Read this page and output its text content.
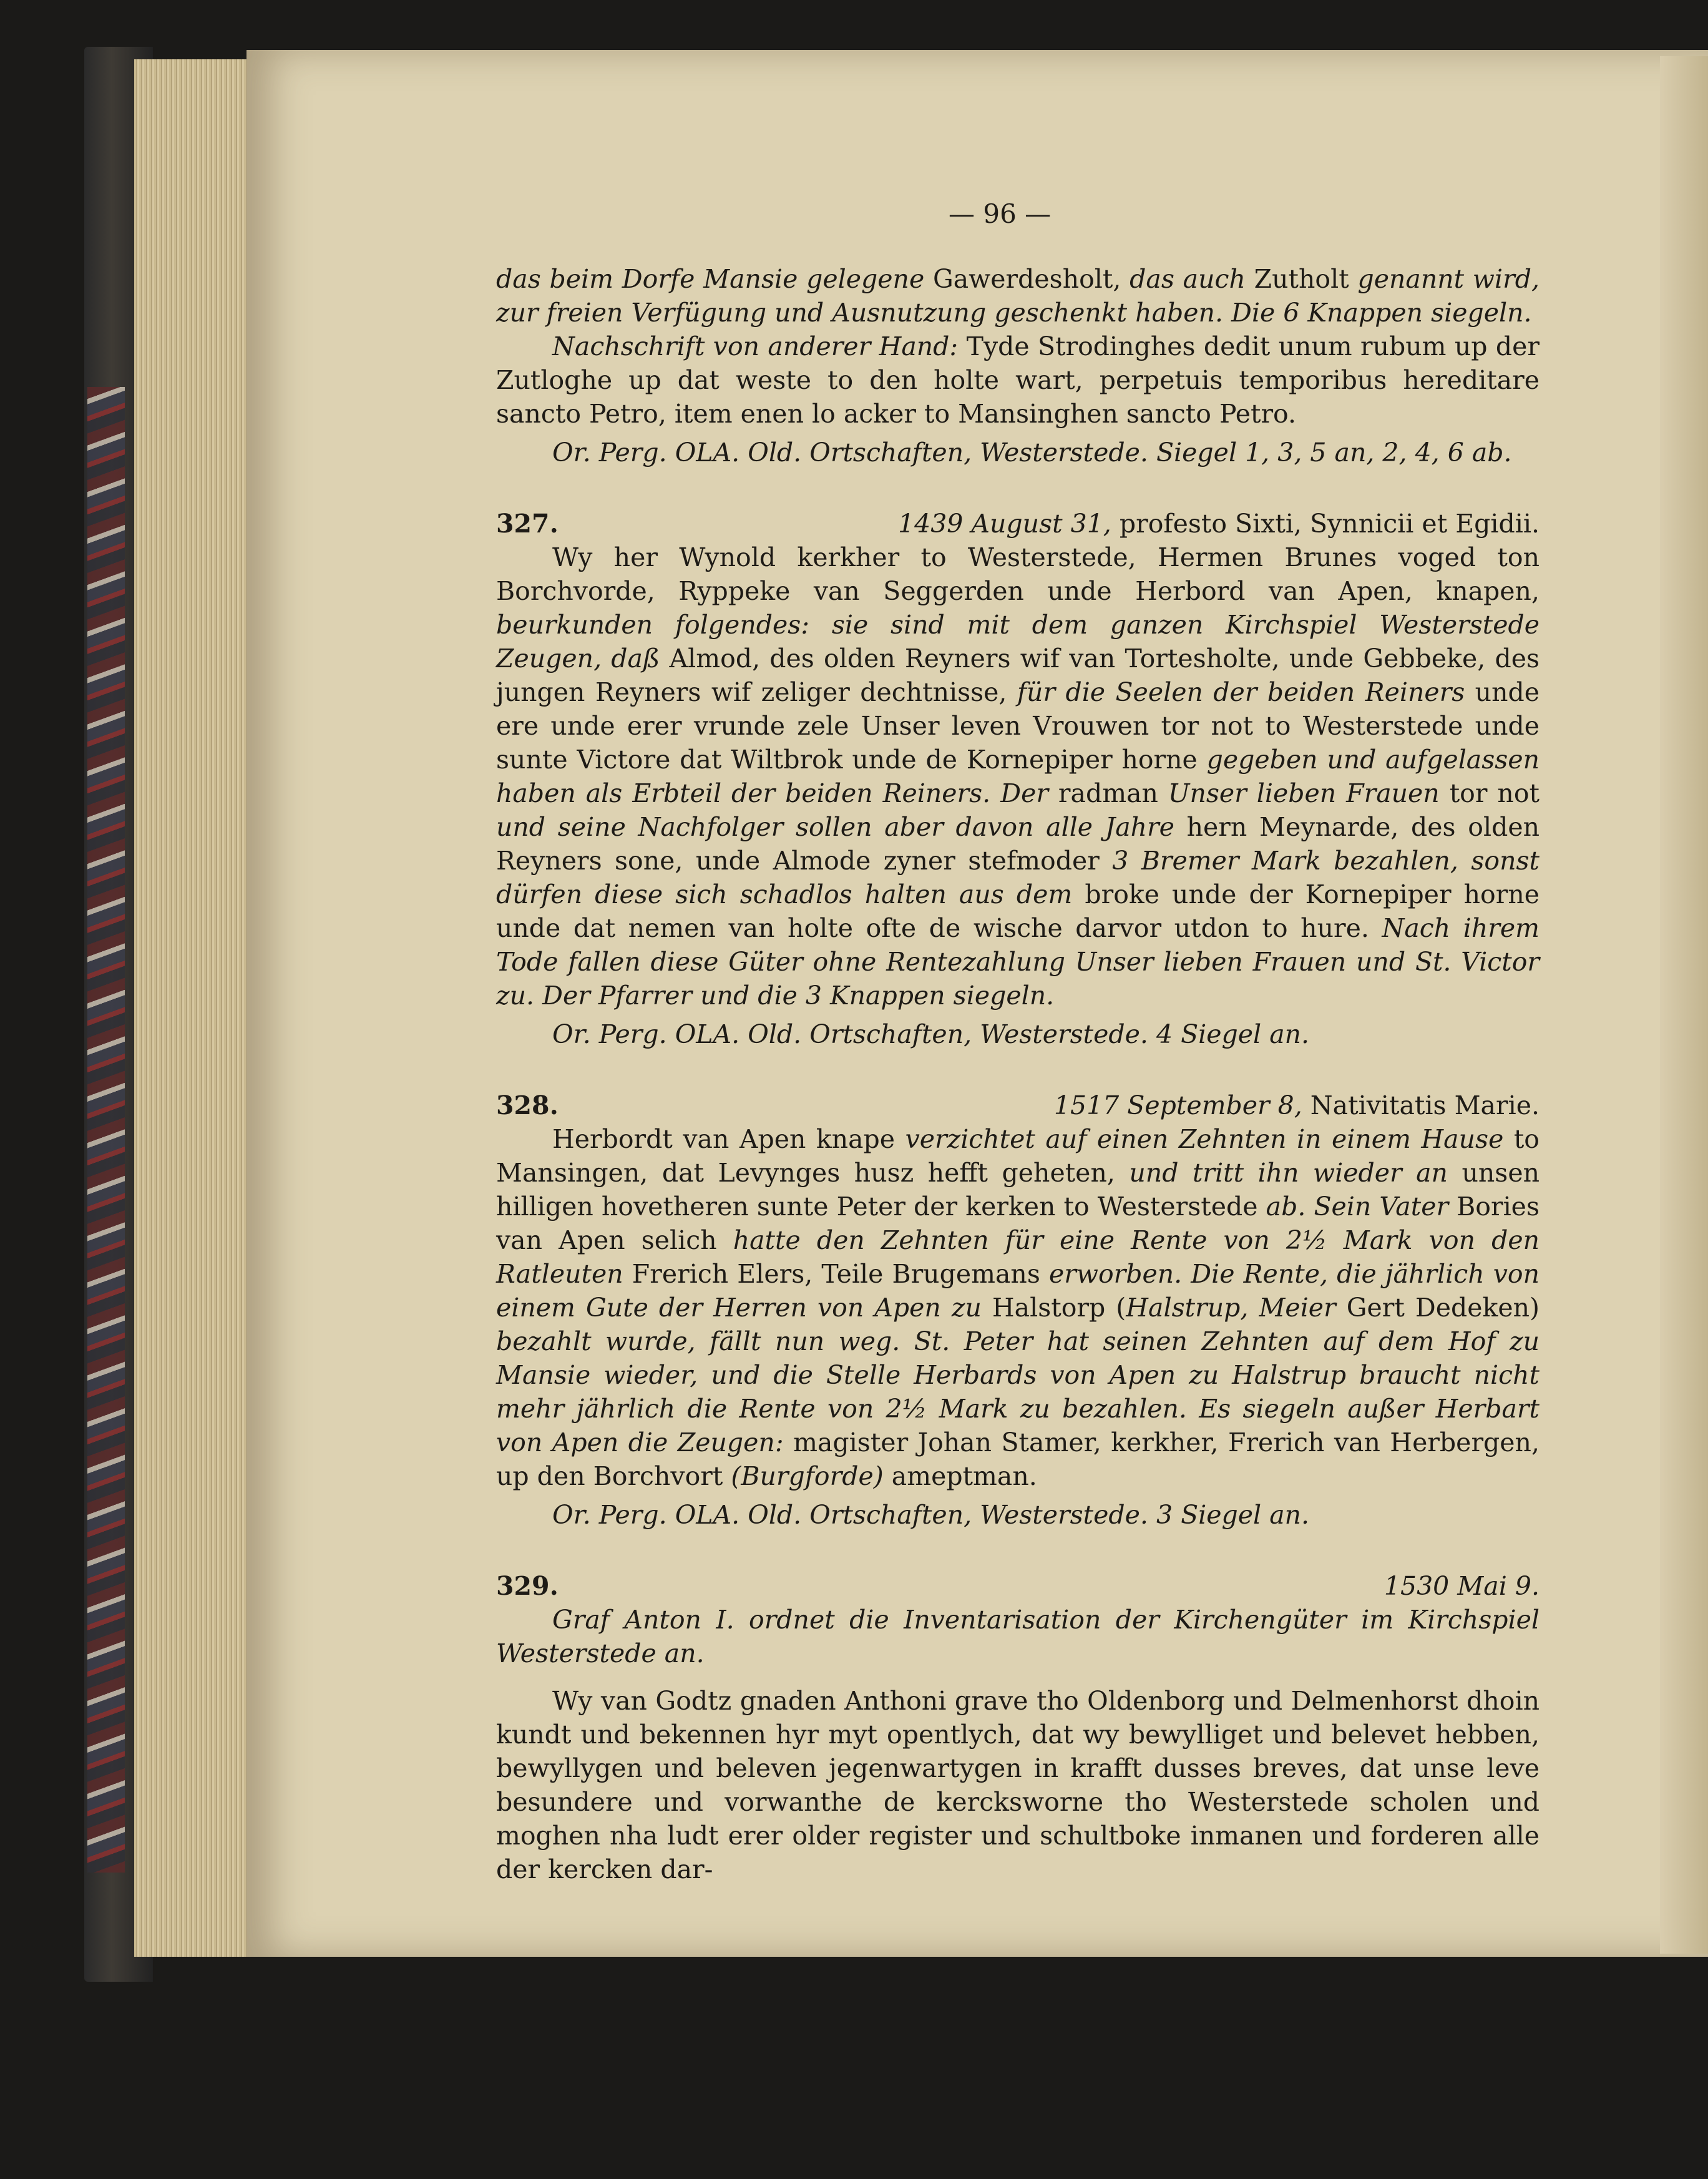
— 96 —

das beim Dorfe Mansie gelegene Gawerdesholt, das auch Zutholt genannt wird, zur freien Verfügung und Ausnutzung geschenkt haben. Die 6 Knappen siegeln.

Nachschrift von anderer Hand: Tyde Strodinghes dedit unum rubum up der Zutloghe up dat weste to den holte wart, perpetuis temporibus hereditare sancto Petro, item enen lo acker to Mansinghen sancto Petro.

Or. Perg. OLA. Old. Ortschaften, Westerstede. Siegel 1, 3, 5 an, 2, 4, 6 ab.

327.	1439 August 31, profesto Sixti, Synnicii et Egidii.

Wy her Wynold kerkher to Westerstede, Hermen Brunes voged ton Borchvorde, Ryppeke van Seggerden unde Herbord van Apen, knapen, beurkunden folgendes: sie sind mit dem ganzen Kirchspiel Westerstede Zeugen, daß Almod, des olden Reyners wif van Tortesholte, unde Gebbeke, des jungen Reyners wif zeliger dechtnisse, für die Seelen der beiden Reiners unde ere unde erer vrunde zele Unser leven Vrouwen tor not to Westerstede unde sunte Victore dat Wiltbrok unde de Kornepiper horne gegeben und aufgelassen haben als Erbteil der beiden Reiners. Der radman Unser lieben Frauen tor not und seine Nachfolger sollen aber davon alle Jahre hern Meynarde, des olden Reyners sone, unde Almode zyner stefmoder 3 Bremer Mark bezahlen, sonst dürfen diese sich schadlos halten aus dem broke unde der Kornepiper horne unde dat nemen van holte ofte de wische darvor utdon to hure. Nach ihrem Tode fallen diese Güter ohne Rentezahlung Unser lieben Frauen und St. Victor zu. Der Pfarrer und die 3 Knappen siegeln.

Or. Perg. OLA. Old. Ortschaften, Westerstede. 4 Siegel an.

328.	1517 September 8, Nativitatis Marie.

Herbordt van Apen knape verzichtet auf einen Zehnten in einem Hause to Mansingen, dat Levynges husz hefft geheten, und tritt ihn wieder an unsen hilligen hovetheren sunte Peter der kerken to Westerstede ab. Sein Vater Bories van Apen selich hatte den Zehnten für eine Rente von 2½ Mark von den Ratleuten Frerich Elers, Teile Brugemans erworben. Die Rente, die jährlich von einem Gute der Herren von Apen zu Halstorp (Halstrup, Meier Gert Dedeken) bezahlt wurde, fällt nun weg. St. Peter hat seinen Zehnten auf dem Hof zu Mansie wieder, und die Stelle Herbards von Apen zu Halstrup braucht nicht mehr jährlich die Rente von 2½ Mark zu bezahlen. Es siegeln außer Herbart von Apen die Zeugen: magister Johan Stamer, kerkher, Frerich van Herbergen, up den Borchvort (Burgforde) ameptman.

Or. Perg. OLA. Old. Ortschaften, Westerstede. 3 Siegel an.

329.	1530 Mai 9.

Graf Anton I. ordnet die Inventarisation der Kirchengüter im Kirchspiel Westerstede an.

Wy van Godtz gnaden Anthoni grave tho Oldenborg und Delmenhorst dhoin kundt und bekennen hyr myt opentlych, dat wy bewylliget und belevet hebben, bewyllygen und beleven jegenwartygen in krafft dusses breves, dat unse leve besundere und vorwanthe de kercksworne tho Westerstede scholen und moghen nha ludt erer older register und schultboke inmanen und forderen alle der kercken dar-
